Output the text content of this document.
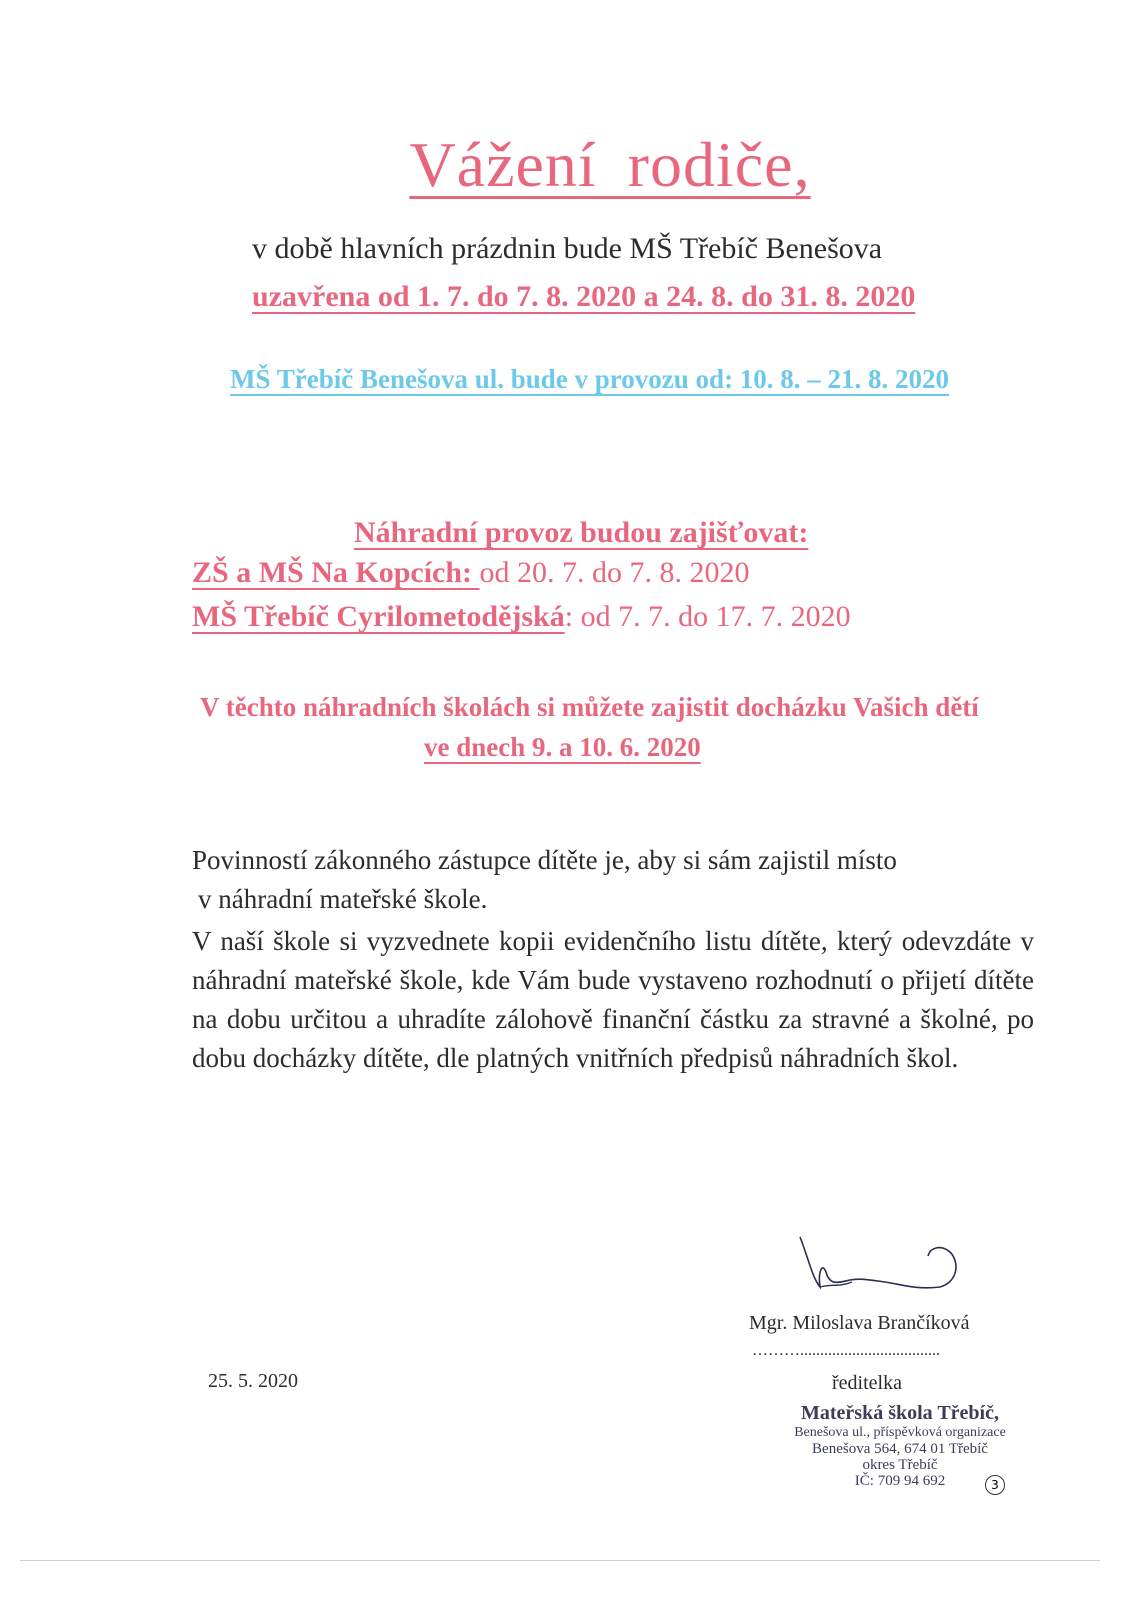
Vážení rodiče,
v době hlavních prázdnin bude MŠ Třebíč Benešova
uzavřena od 1. 7. do 7. 8. 2020 a 24. 8. do 31. 8. 2020
MŠ Třebíč Benešova ul. bude v provozu od: 10. 8. – 21. 8. 2020
Náhradní provoz budou zajišťovat:
ZŠ a MŠ Na Kopcích: od 20. 7. do 7. 8. 2020
MŠ Třebíč Cyrilometodějská: od 7. 7. do 17. 7. 2020
V těchto náhradních školách si můžete zajistit docházku Vašich dětí
ve dnech 9. a 10. 6. 2020
Povinností zákonného zástupce dítěte je, aby si sám zajistil místo
v náhradní mateřské škole.
V naší škole si vyzvednete kopii evidenčního listu dítěte, který odevzdáte v náhradní mateřské škole, kde Vám bude vystaveno rozhodnutí o přijetí dítěte na dobu určitou a uhradíte zálohově finanční částku za stravné a školné, po dobu docházky dítěte, dle platných vnitřních předpisů náhradních škol.
Mgr. Miloslava Brančíková
………...................................
ředitelka
25. 5. 2020
Mateřská škola Třebíč,
Benešova ul., příspěvková organizace
Benešova 564, 674 01 Třebíč
okres Třebíč
IČ: 709 94 692	3
